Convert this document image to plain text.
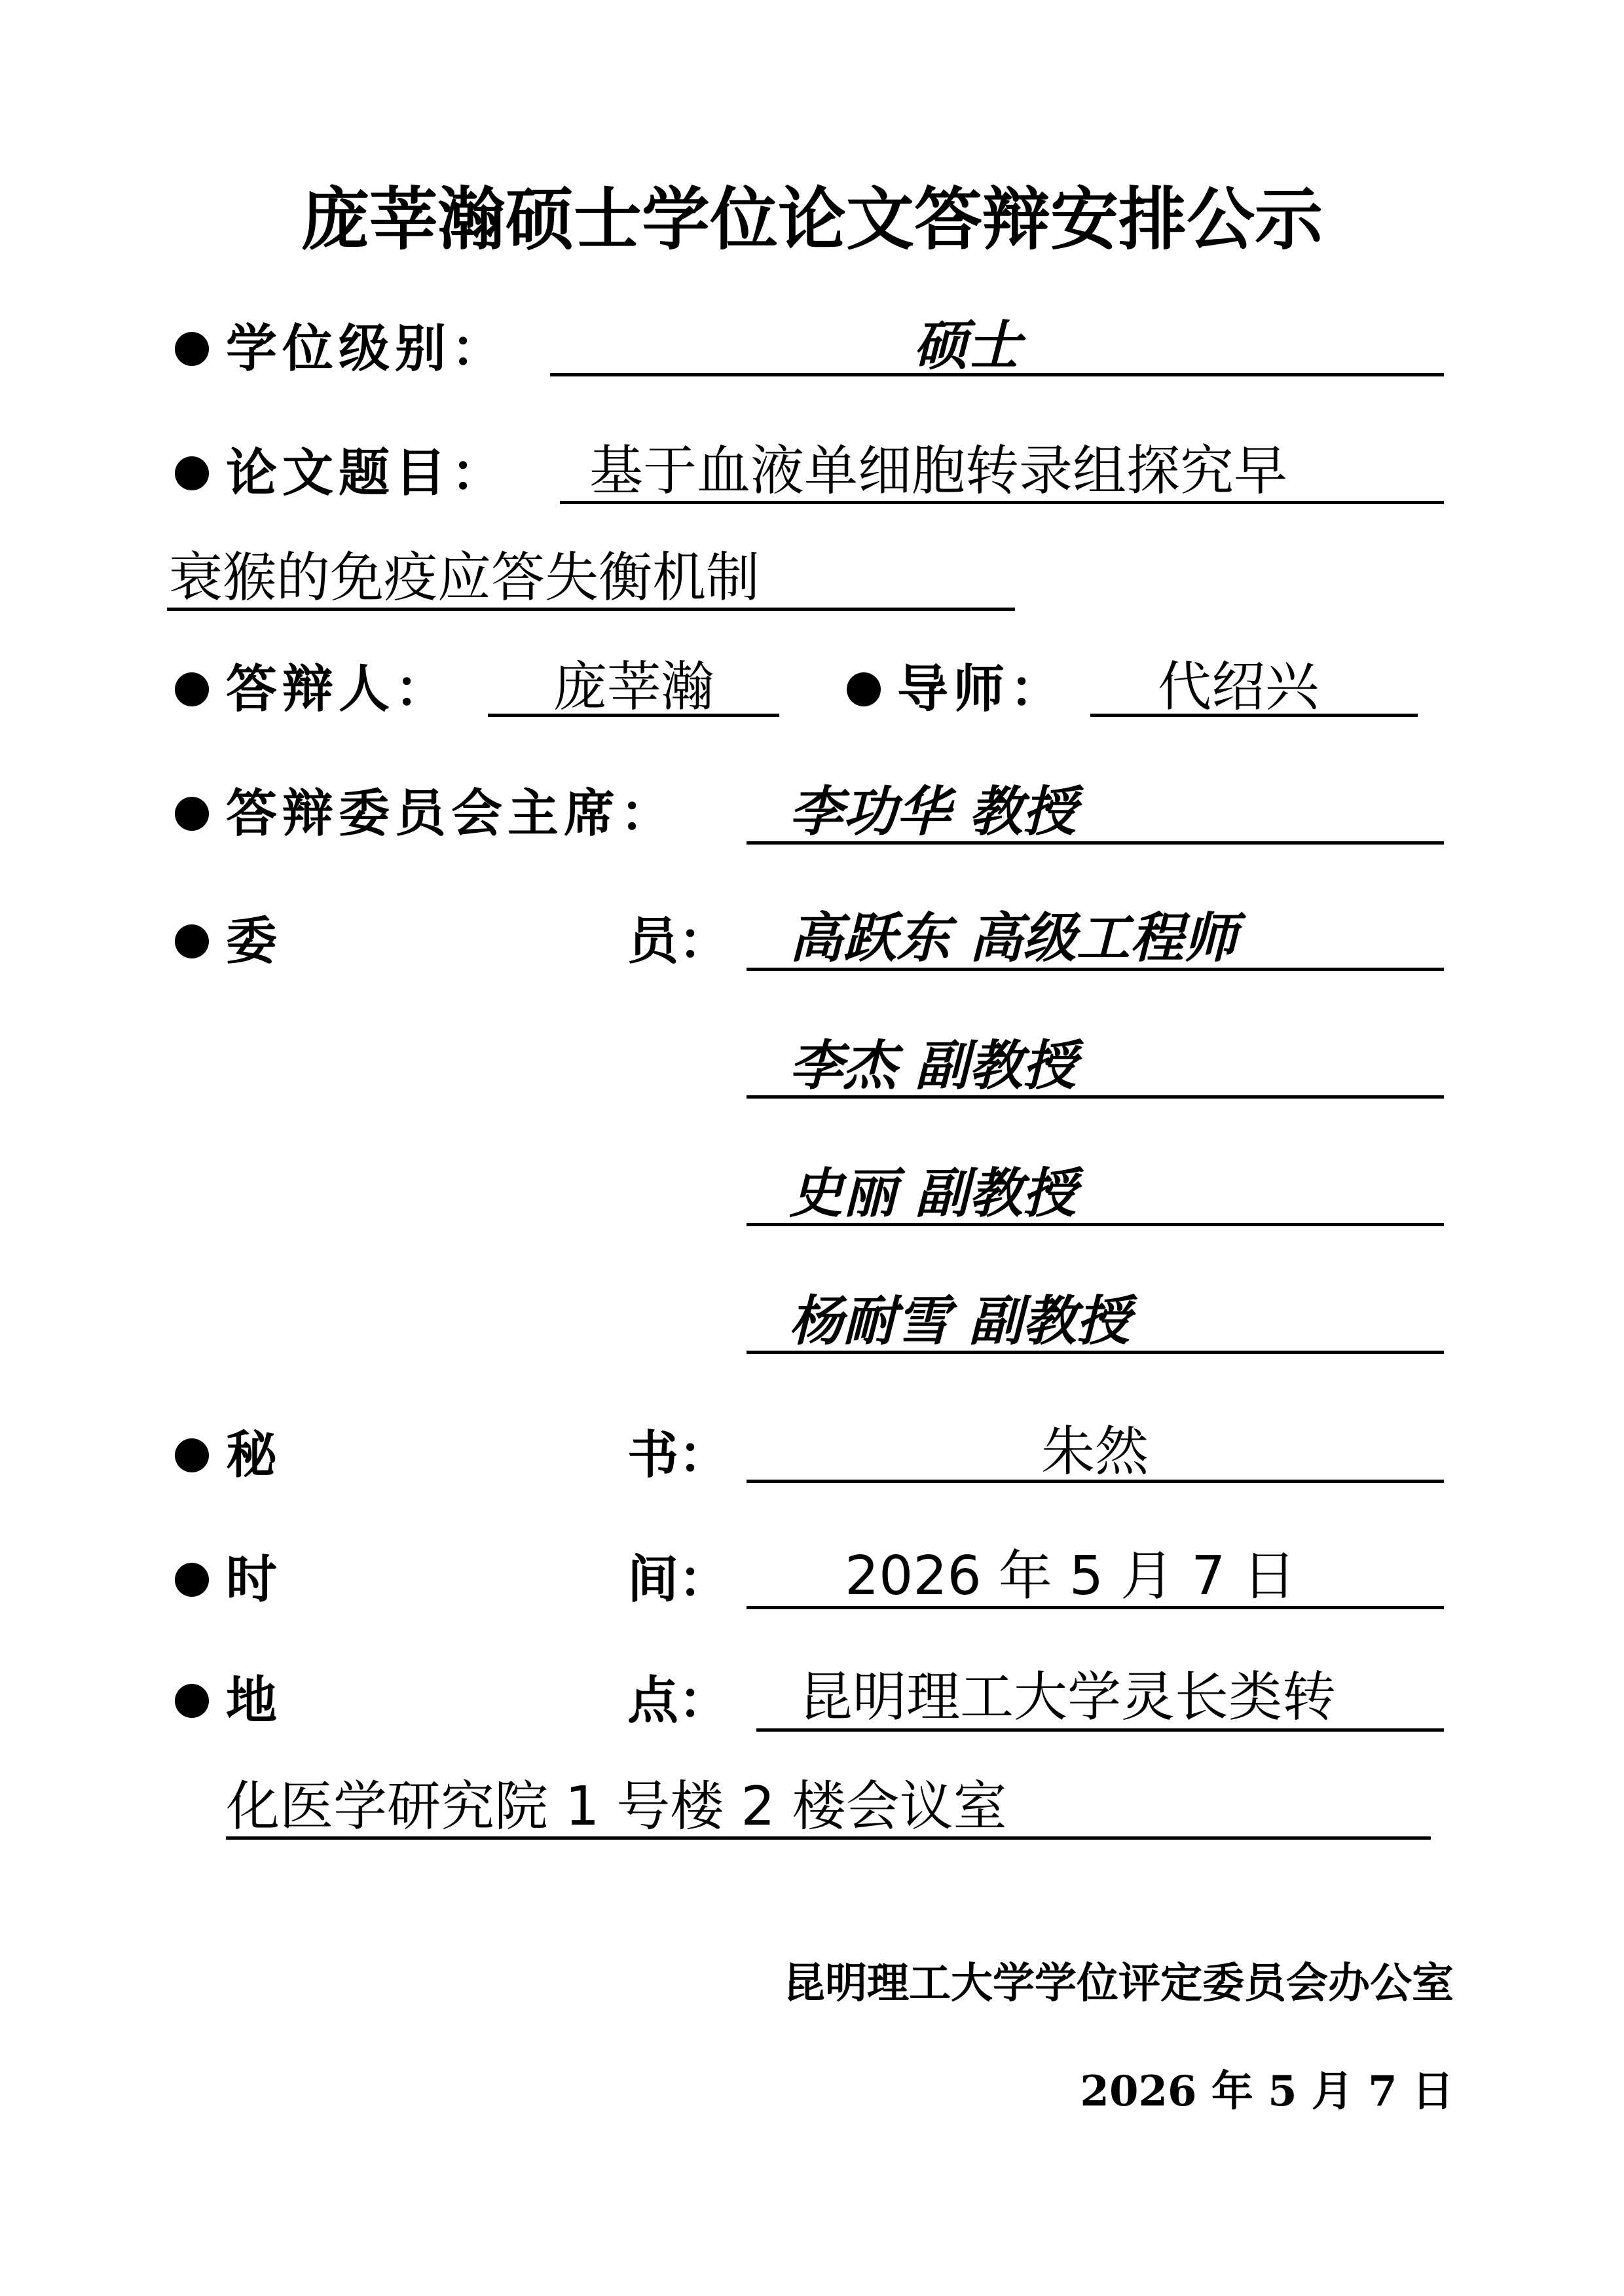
庞莘瀚硕士学位论文答辩安排公示
学位级别：	硕士
论文题目： 基于血液单细胞转录组探究早
衰猴的免疫应答失衡机制
答辩人： 庞莘瀚	导师： 代绍兴
答辩委员会主席： 李功华 教授
委	员： 高跃东 高级工程师
李杰 副教授
史丽 副教授
杨耐雪 副教授
秘	书：	朱然
时	间： 2026 年 5 月 7 日
地	点： 昆明理工大学灵长类转
化医学研究院 1 号楼 2 楼会议室
昆明理工大学学位评定委员会办公室
2026 年 5 月 7 日
